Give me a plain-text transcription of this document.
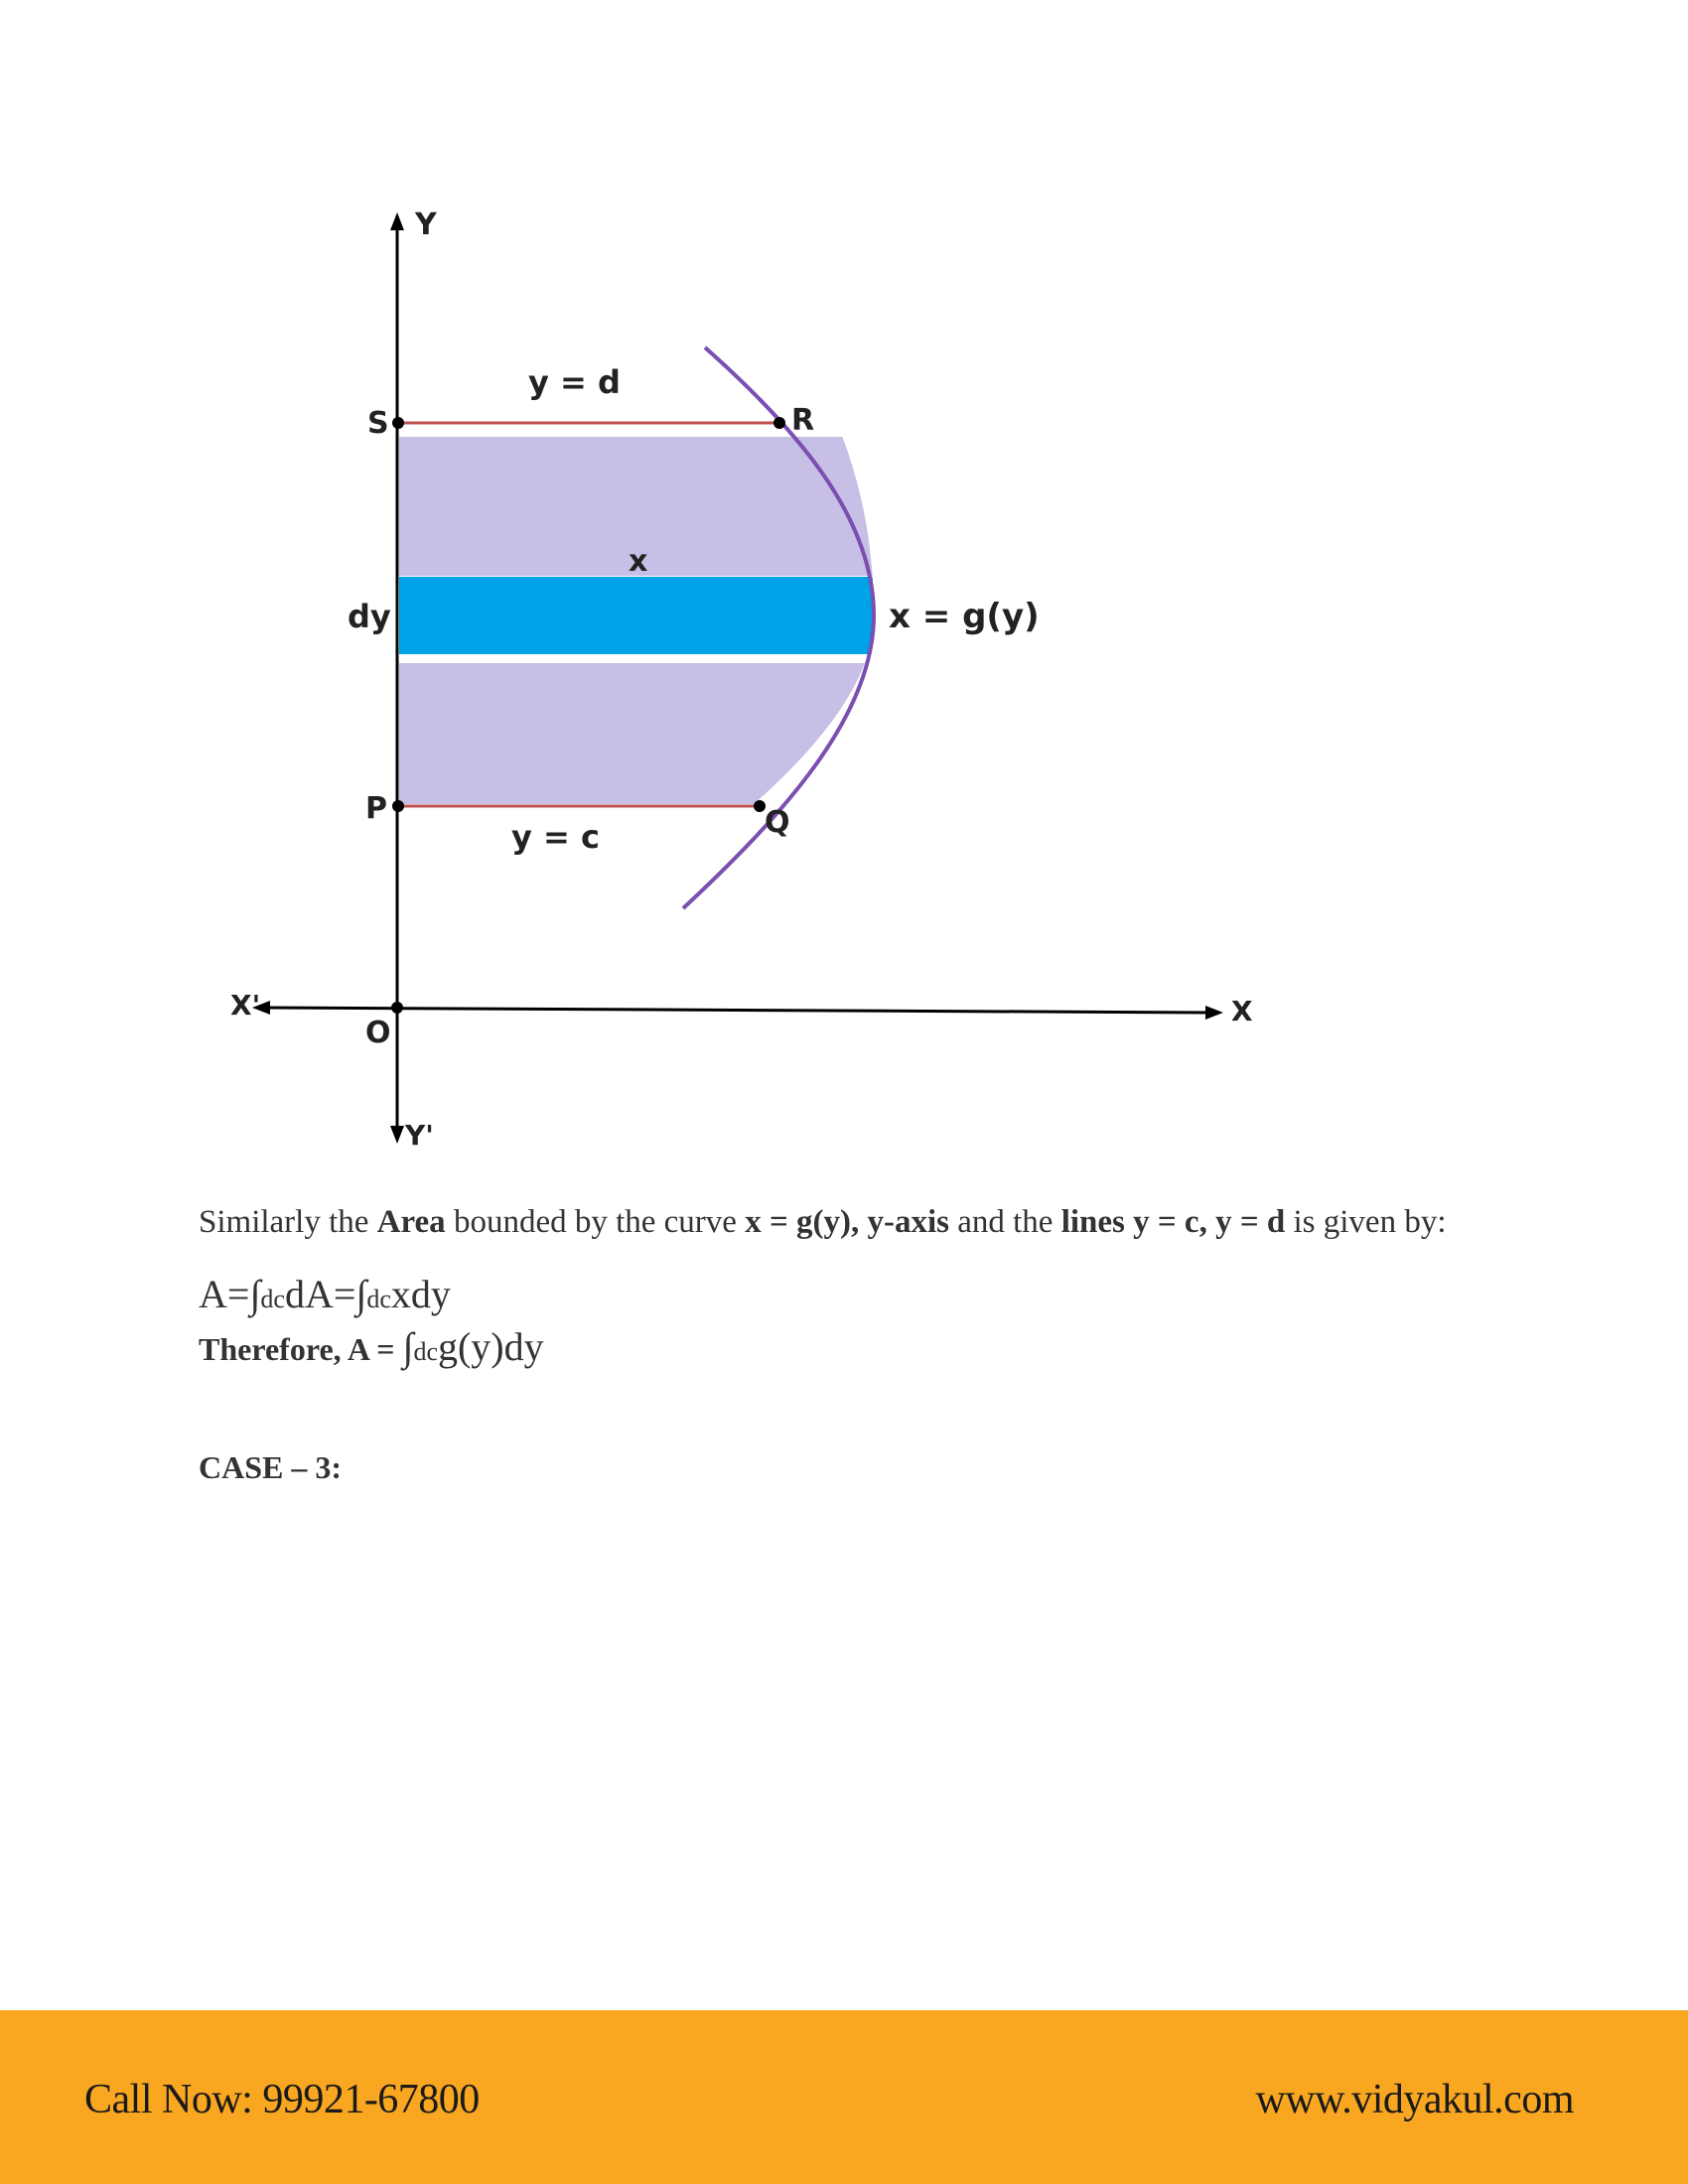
Y
Y'
X
X'
O
S	R
P	Q
y = d
y = c
x
dy	x = g(y)
Similarly the Area bounded by the curve x = g(y), y-axis and the lines y = c, y = d is given by:
A=∫dcdA=∫dcxdy
Therefore, A = ∫dcg(y)dy
CASE – 3:
Call Now: 99921-67800	www.vidyakul.com
